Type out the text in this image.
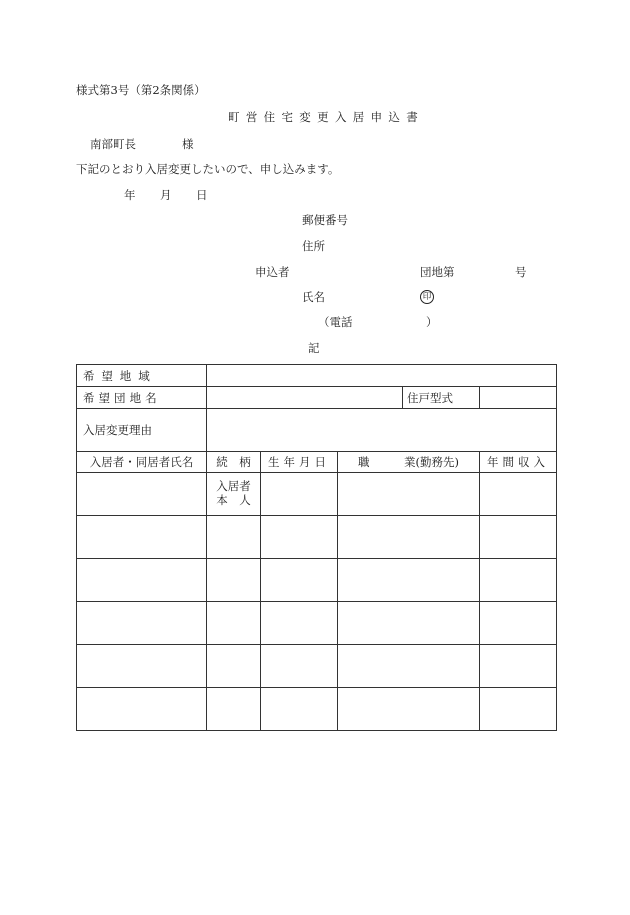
様式第3号（第2条関係）
町営住宅変更入居申込書
南部町長	様
下記のとおり入居変更したいので、申し込みます。
年 月 日
郵便番号
住所
申込者	団地第	号
氏名	印
（電話	）
記
希望地域					
希望団地名				住戸型式	
入居変更理由					
入居者・同居者氏名	続　柄	生年月日	職　　　業(勤務先)		年間収入

	入居者
本　人				
